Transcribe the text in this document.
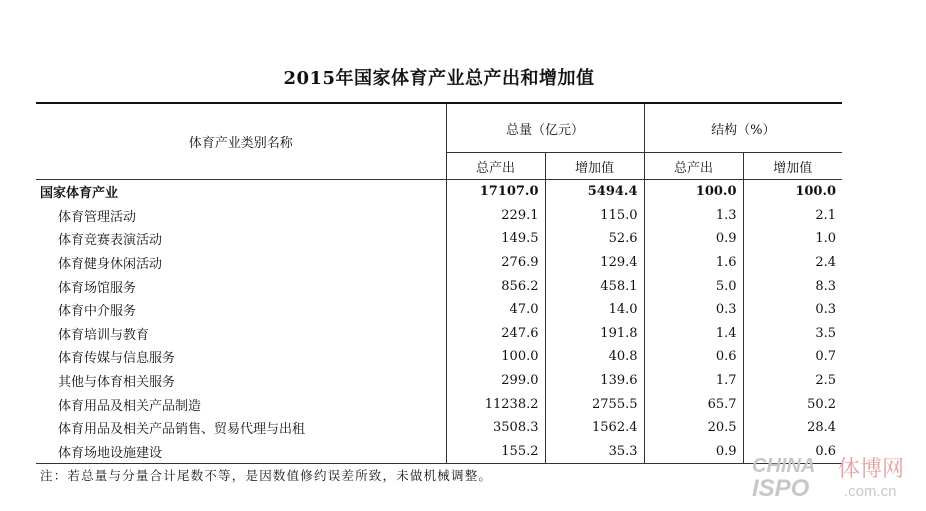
2015年国家体育产业总产出和增加值
体育产业类别名称	总量（亿元）		结构（%）	
	总产出	增加值	总产出	增加值
国家体育产业	17107.0	5494.4	100.0	100.0
体育管理活动	229.1	115.0	1.3	2.1
体育竞赛表演活动	149.5	52.6	0.9	1.0
体育健身休闲活动	276.9	129.4	1.6	2.4
体育场馆服务	856.2	458.1	5.0	8.3
体育中介服务	47.0	14.0	0.3	0.3
体育培训与教育	247.6	191.8	1.4	3.5
体育传媒与信息服务	100.0	40.8	0.6	0.7
其他与体育相关服务	299.0	139.6	1.7	2.5
体育用品及相关产品制造	11238.2	2755.5	65.7	50.2
体育用品及相关产品销售、贸易代理与出租	3508.3	1562.4	20.5	28.4
体育场地设施建设	155.2	35.3	0.9	0.6
注：若总量与分量合计尾数不等，是因数值修约误差所致，未做机械调整。	CHINA
ISPO
体博网
.com.cn
